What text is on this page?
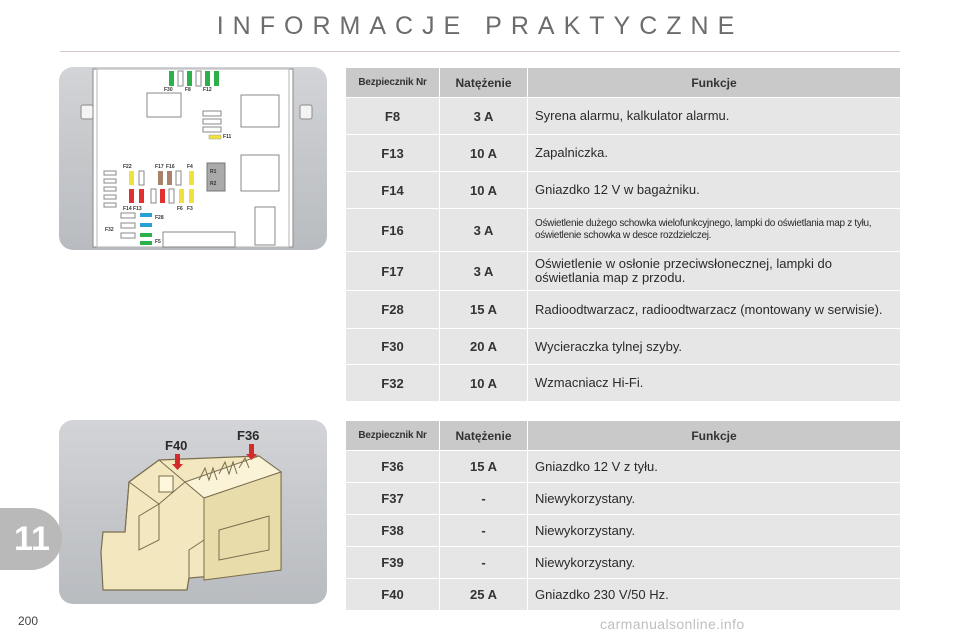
INFORMACJE PRAKTYCZNE
F30 F8 F12
F11
F22	F17 F16 F4
F14 F13	F6 F3
F28
F32
F5
R1
R2
F40
F36
Bezpiecznik Nr	Natężenie	Funkcje
F8	3 A	Syrena alarmu, kalkulator alarmu.
F13	10 A	Zapalniczka.
F14	10 A	Gniazdko 12 V w bagażniku.
F16	3 A	Oświetlenie dużego schowka wielofunkcyjnego, lampki do oświetlania map z tyłu, oświetlenie schowka w desce rozdzielczej.
F17	3 A	Oświetlenie w osłonie przeciwsłonecznej, lampki do oświetlania map z przodu.
F28	15 A	Radioodtwarzacz, radioodtwarzacz (montowany w serwisie).
F30	20 A	Wycieraczka tylnej szyby.
F32	10 A	Wzmacniacz Hi-Fi.
Bezpiecznik Nr	Natężenie	Funkcje
F36	15 A	Gniazdko 12 V z tyłu.
F37	-	Niewykorzystany.
F38	-	Niewykorzystany.
F39	-	Niewykorzystany.
F40	25 A	Gniazdko 230 V/50 Hz.
11
200	carmanualsonline.info
